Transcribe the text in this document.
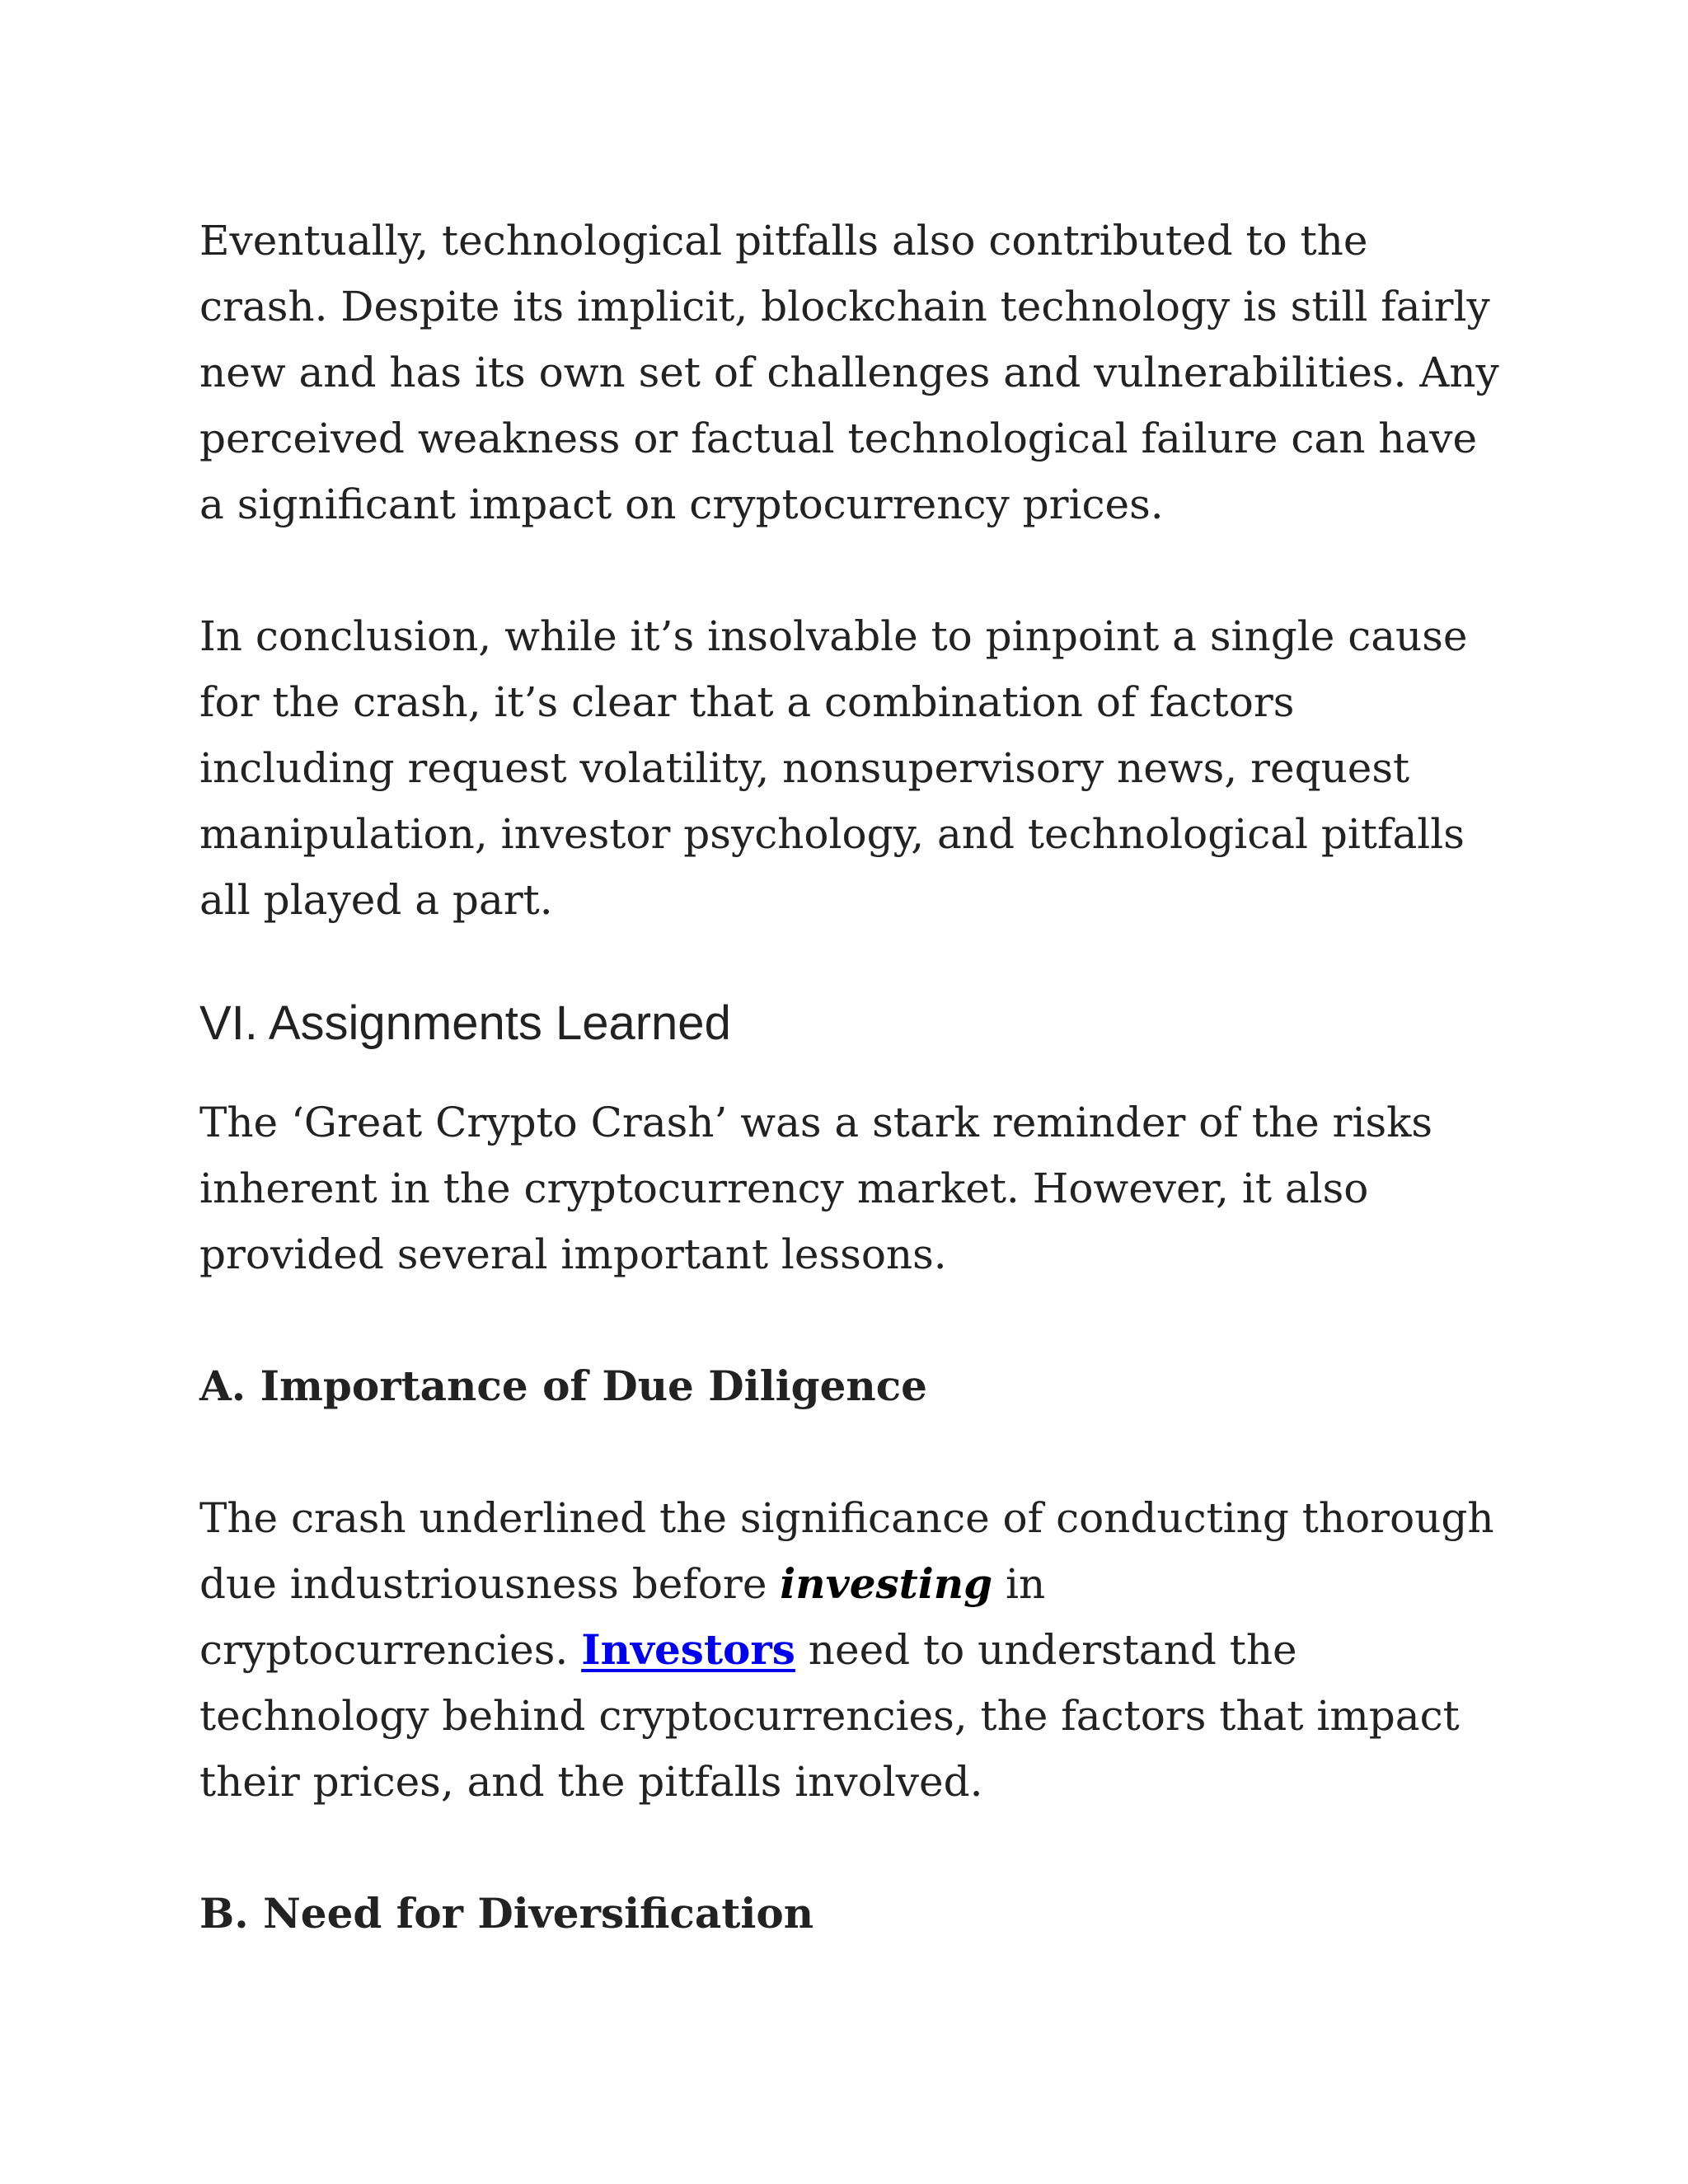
Eventually, technological pitfalls also contributed to the crash. Despite its implicit, blockchain technology is still fairly new and has its own set of challenges and vulnerabilities. Any perceived weakness or factual technological failure can have a significant impact on cryptocurrency prices.

In conclusion, while it’s insolvable to pinpoint a single cause for the crash, it’s clear that a combination of factors including request volatility, nonsupervisory news, request manipulation, investor psychology, and technological pitfalls all played a part.

VI. Assignments Learned

The ‘Great Crypto Crash’ was a stark reminder of the risks inherent in the cryptocurrency market. However, it also provided several important lessons.

A. Importance of Due Diligence

The crash underlined the significance of conducting thorough due industriousness before investing in
cryptocurrencies. Investors need to understand the technology behind cryptocurrencies, the factors that impact their prices, and the pitfalls involved.

B. Need for Diversification
